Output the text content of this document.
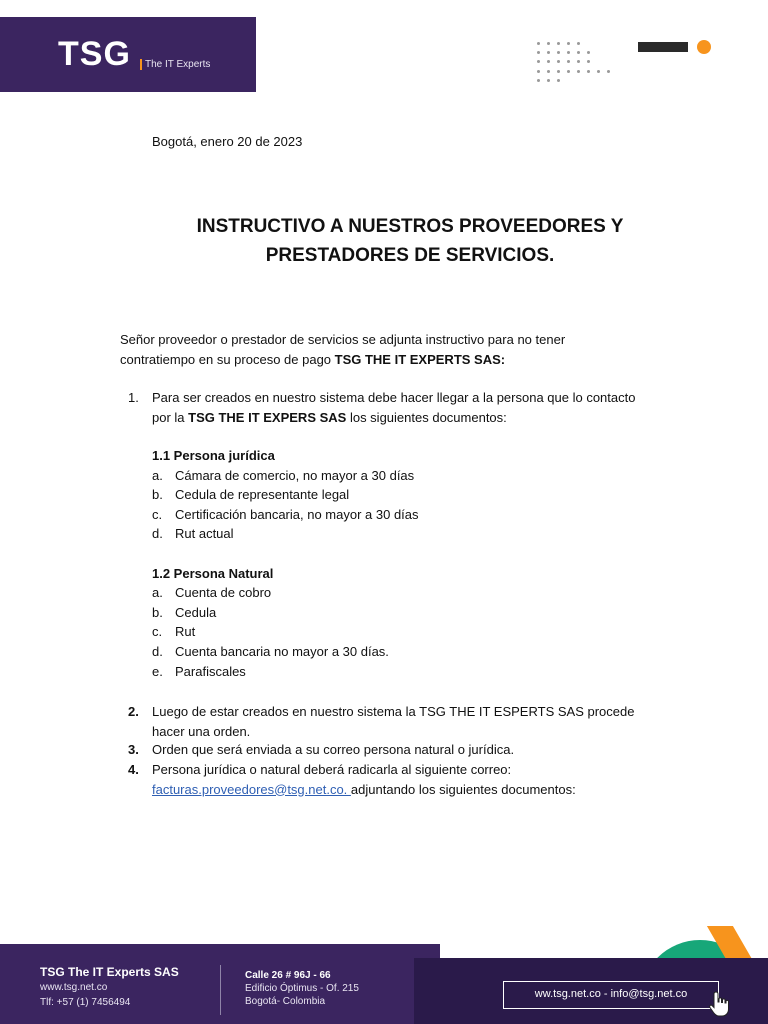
TSG The IT Experts
Bogotá, enero 20 de 2023
INSTRUCTIVO A NUESTROS PROVEEDORES Y
PRESTADORES DE SERVICIOS.
Señor proveedor o prestador de servicios se adjunta instructivo para no tener
contratiempo en su proceso de pago TSG THE IT EXPERTS SAS:
1. Para ser creados en nuestro sistema debe hacer llegar a la persona que lo contacto
por la TSG THE IT EXPERS SAS los siguientes documentos:
1.1 Persona jurídica
a. Cámara de comercio, no mayor a 30 días
b. Cedula de representante legal
c. Certificación bancaria, no mayor a 30 días
d. Rut actual
1.2 Persona Natural
a. Cuenta de cobro
b. Cedula
c. Rut
d. Cuenta bancaria no mayor a 30 días.
e. Parafiscales
2. Luego de estar creados en nuestro sistema la TSG THE IT ESPERTS SAS procede
hacer una orden.
3. Orden que será enviada a su correo persona natural o jurídica.
4. Persona jurídica o natural deberá radicarla al siguiente correo:
facturas.proveedores@tsg.net.co. adjuntando los siguientes documentos:
TSG The IT Experts SAS
www.tsg.net.co
Tlf: +57 (1) 7456494
Calle 26 # 96J - 66
Edificio Óptimus - Of. 215
Bogotá- Colombia
ww.tsg.net.co - info@tsg.net.co
